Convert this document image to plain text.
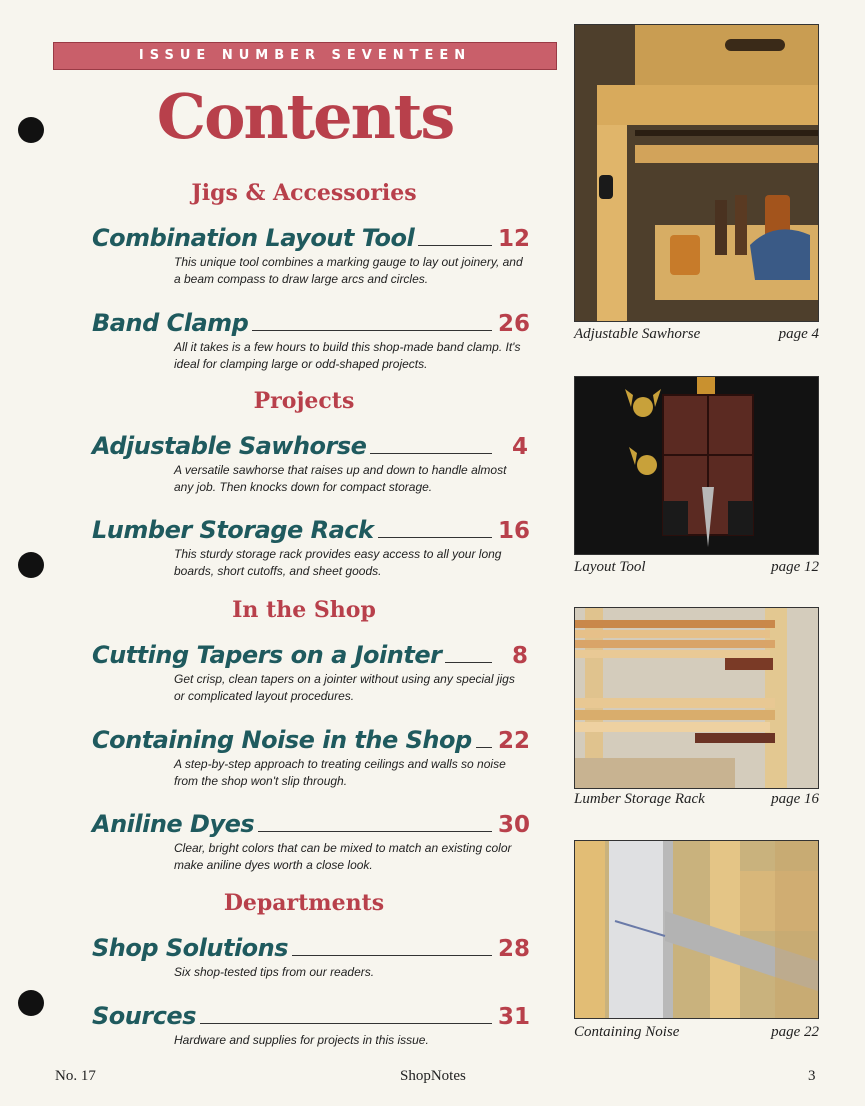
ISSUE NUMBER SEVENTEEN
Contents
Jigs & Accessories
Combination Layout Tool	12
This unique tool combines a marking gauge to lay out joinery, and a beam compass to draw large arcs and circles.
Band Clamp	26
All it takes is a few hours to build this shop-made band clamp. It's ideal for clamping large or odd-shaped projects.
Projects
Adjustable Sawhorse	4
A versatile sawhorse that raises up and down to handle almost any job. Then knocks down for compact storage.
Lumber Storage Rack	16
This sturdy storage rack provides easy access to all your long boards, short cutoffs, and sheet goods.
In the Shop
Cutting Tapers on a Jointer	8
Get crisp, clean tapers on a jointer without using any special jigs or complicated layout procedures.
Containing Noise in the Shop 22
A step-by-step approach to treating ceilings and walls so noise from the shop won't slip through.
Aniline Dyes	30
Clear, bright colors that can be mixed to match an existing color make aniline dyes worth a close look.
Departments
Shop Solutions	28
Six shop-tested tips from our readers.
Sources	31
Hardware and supplies for projects in this issue.
Adjustable Sawhorse	page 4
Layout Tool	page 12
Lumber Storage Rack	page 16
Containing Noise	page 22
No. 17	ShopNotes	3
